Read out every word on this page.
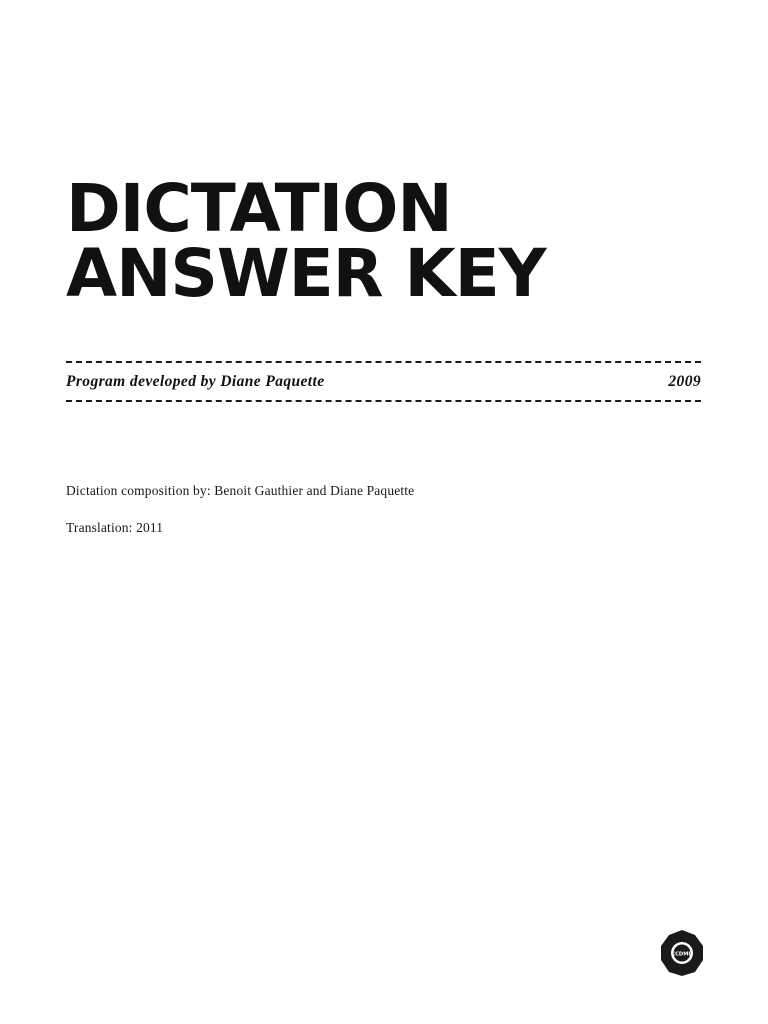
DICTATION
ANSWER KEY
Program developed by Diane Paquette	2009
Dictation composition by: Benoit Gauthier and Diane Paquette
Translation: 2011
CCDMD
